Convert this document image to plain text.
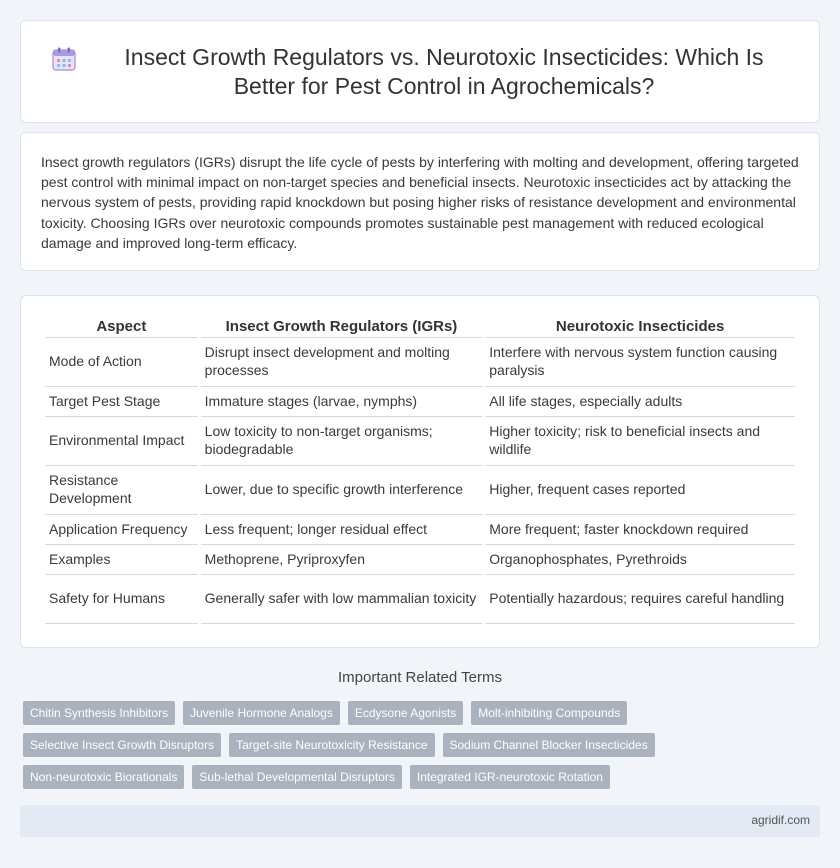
Insect Growth Regulators vs. Neurotoxic Insecticides: Which Is Better for Pest Control in Agrochemicals?

Insect growth regulators (IGRs) disrupt the life cycle of pests by interfering with molting and development, offering targeted pest control with minimal impact on non-target species and beneficial insects. Neurotoxic insecticides act by attacking the nervous system of pests, providing rapid knockdown but posing higher risks of resistance development and environmental toxicity. Choosing IGRs over neurotoxic compounds promotes sustainable pest management with reduced ecological damage and improved long-term efficacy.

Aspect	Insect Growth Regulators (IGRs)	Neurotoxic Insecticides
Mode of Action	Disrupt insect development and molting processes	Interfere with nervous system function causing paralysis
Target Pest Stage	Immature stages (larvae, nymphs)	All life stages, especially adults
Environmental Impact	Low toxicity to non-target organisms; biodegradable	Higher toxicity; risk to beneficial insects and wildlife
Resistance Development	Lower, due to specific growth interference	Higher, frequent cases reported
Application Frequency	Less frequent; longer residual effect	More frequent; faster knockdown required
Examples	Methoprene, Pyriproxyfen	Organophosphates, Pyrethroids
Safety for Humans	Generally safer with low mammalian toxicity	Potentially hazardous; requires careful handling
Important Related Terms
Chitin Synthesis Inhibitors	Juvenile Hormone Analogs	Ecdysone Agonists	Molt-inhibiting Compounds
Selective Insect Growth Disruptors	Target-site Neurotoxicity Resistance	Sodium Channel Blocker Insecticides
Non-neurotoxic Biorationals	Sub-lethal Developmental Disruptors	Integrated IGR-neurotoxic Rotation
agridif.com
